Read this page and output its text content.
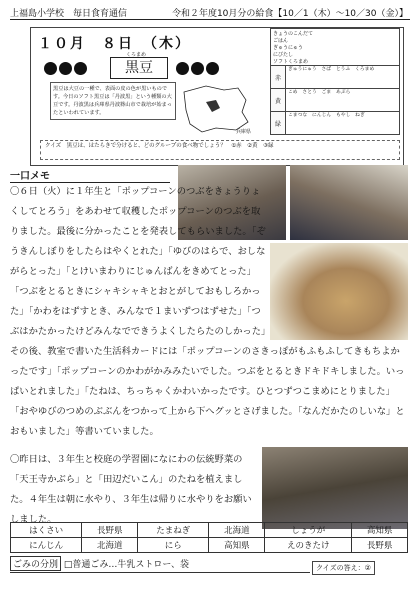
上福島小学校　毎日食育通信	令和２年度10月分の給食【10／1（木）～10／30（金）】
１０月　８日　（木）
くろまめ
黒豆
黒豆は大豆の一種で、表面の皮の色が黒いものです。今日のソフト黒豆は「丹波黒」という種類の大豆です。丹波黒は兵庫県丹波篠山市で栽培が始まったといわれています。
兵庫県
きょうのこんだて
ごはん
ぎゅうにゅう
にびたし
ソフトくろまめ
赤
ぎゅうにゅう　さば　とうふ　くろまめ
黄
こめ　さとう　ごま　あぶら
緑
こまつな　にんじん　もやし　ねぎ
クイズ　黒豆は、はたらきで分けると、どのグループの食べ物でしょう？　①赤　②黄　③緑
一口メモ
〇６日（火）に１年生と「ポップコーンのつぶをきょうりょくしてとろう」をあわせて収穫したポップコーンのつぶを取りました。最後に分かったことを発表してもらいました。「ぞうきんしぼりをしたらはやくとれた」「ゆびのはらで、おしながらとった」「とけいまわりにじゅんばんをきめてとった」「つぶをとるときにシャキシャキとおとがしておもしろかった」「かわをはずすとき、みんなで１まいずつはずせた」「つぶはかたかったけどみんなでできうよくしたらたのしかった」　その後、教室で書いた生活科カードには「ポップコーンのさきっぽがもふもふしてきもちよかったです」「ポップコーンのかわがかみみたいでした。つぶをとるときドキドキしました。いっぱいとれました」「たねは、ちっちゃくかわいかったです。ひとつずつこまめにとりました」「おやゆびのつめのぶぶんをつかって上から下へグッとさげました。「なんだかたのしいな」とおもいました」等書いていました。
〇昨日は、３年生と校庭の学習園になにわの伝統野菜の「天王寺かぶら」と「田辺だいこん」のたねを植えました。４年生は朝に水やり、３年生は帰りに水やりをお願いしました。
はくさい	長野県	たまねぎ	北海道	しょうが	高知県
にんじん	北海道	にら	高知県	えのきたけ	長野県
ごみの分別 □普通ごみ…牛乳ストロー、袋	クイズの答え：②
